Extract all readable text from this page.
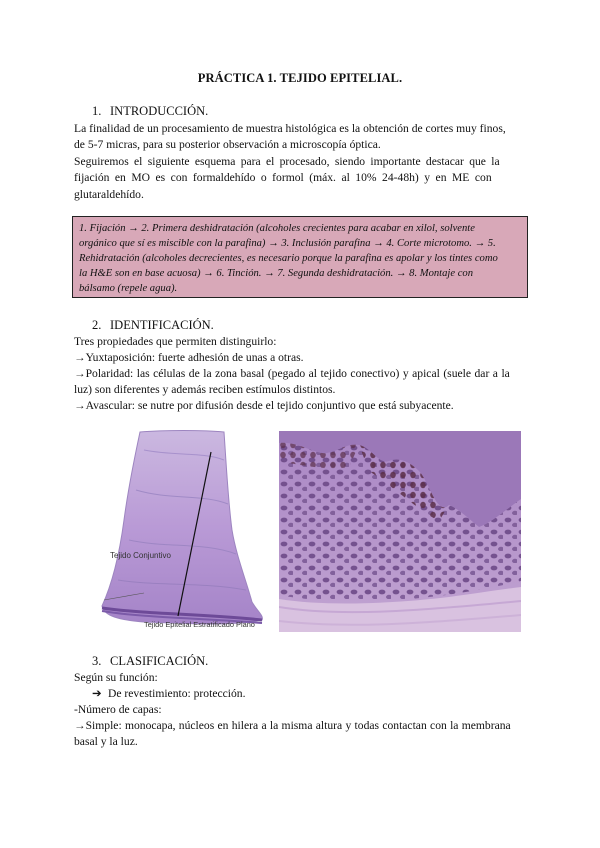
PRÁCTICA 1. TEJIDO EPITELIAL.
1. INTRODUCCIÓN.
La finalidad de un procesamiento de muestra histológica es la obtención de cortes muy finos,
de 5-7 micras, para su posterior observación a microscopía óptica.
Seguiremos el siguiente esquema para el procesado, siendo importante destacar que la
fijación en MO es con formaldehído o formol (máx. al 10% 24-48h) y en ME con
glutaraldehído.
1. Fijación → 2. Primera deshidratación (alcoholes crecientes para acabar en xilol, solvente
orgánico que sí es miscible con la parafina) → 3. Inclusión parafina → 4. Corte microtomo. → 5.
Rehidratación (alcoholes decrecientes, es necesario porque la parafina es apolar y los tintes como
la H&E son en base acuosa) → 6. Tinción. → 7. Segunda deshidratación. → 8. Montaje con
bálsamo (repele agua).
2. IDENTIFICACIÓN.
Tres propiedades que permiten distinguirlo:
→Yuxtaposición: fuerte adhesión de unas a otras.
→Polaridad: las células de la zona basal (pegado al tejido conectivo) y apical (suele dar a la
luz) son diferentes y además reciben estímulos distintos.
→Avascular: se nutre por difusión desde el tejido conjuntivo que está subyacente.
Tejido Conjuntivo
Tejido Epitelial Estratificado Plano
3. CLASIFICACIÓN.
Según su función:
➔ De revestimiento: protección.
-Número de capas:
→Simple: monocapa, núcleos en hilera a la misma altura y todas contactan con la membrana
basal y la luz.
